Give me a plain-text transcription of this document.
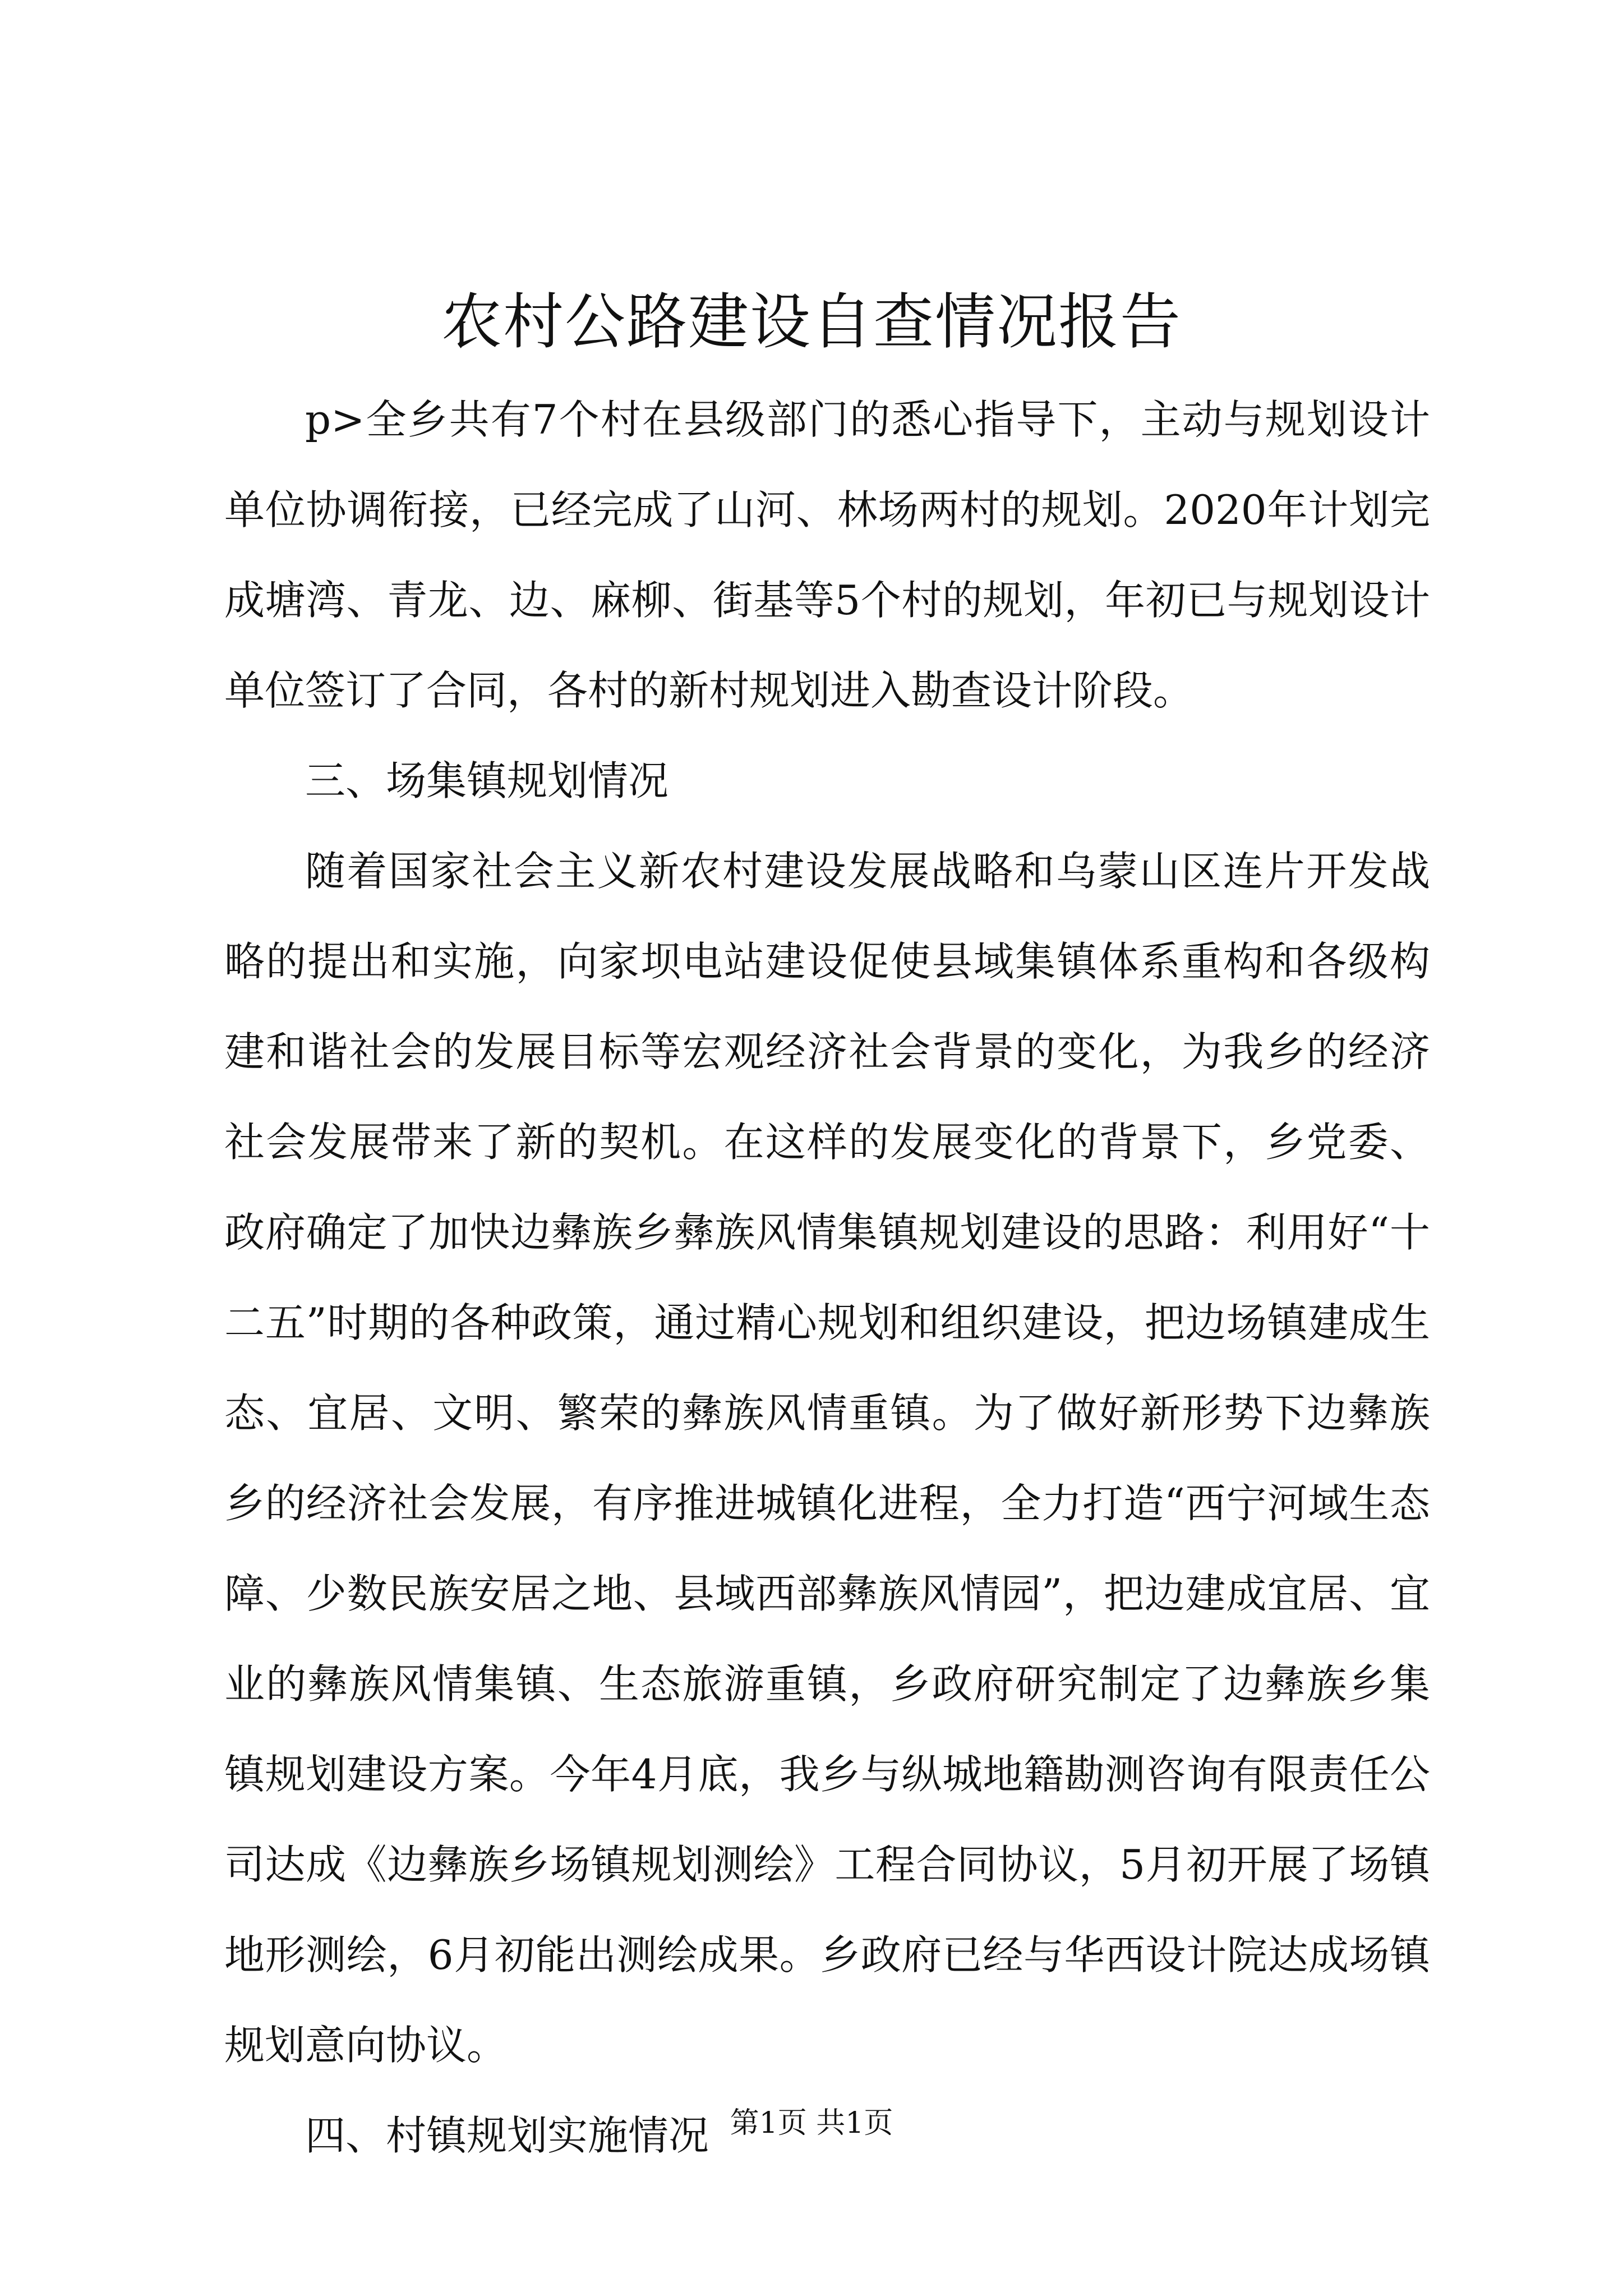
农村公路建设自查情况报告

p>全乡共有7个村在县级部门的悉心指导下，主动与规划设计单位协调衔接，已经完成了山河、林场两村的规划。2020年计划完成塘湾、青龙、边、麻柳、街基等5个村的规划，年初已与规划设计单位签订了合同，各村的新村规划进入勘查设计阶段。

三、场集镇规划情况

随着国家社会主义新农村建设发展战略和乌蒙山区连片开发战略的提出和实施，向家坝电站建设促使县域集镇体系重构和各级构建和谐社会的发展目标等宏观经济社会背景的变化，为我乡的经济社会发展带来了新的契机。在这样的发展变化的背景下，乡党委、政府确定了加快边彝族乡彝族风情集镇规划建设的思路：利用好“十二五”时期的各种政策，通过精心规划和组织建设，把边场镇建成生态、宜居、文明、繁荣的彝族风情重镇。为了做好新形势下边彝族乡的经济社会发展，有序推进城镇化进程，全力打造“西宁河域生态障、少数民族安居之地、县域西部彝族风情园”，把边建成宜居、宜业的彝族风情集镇、生态旅游重镇，乡政府研究制定了边彝族乡集镇规划建设方案。今年4月底，我乡与纵城地籍勘测咨询有限责任公司达成《边彝族乡场镇规划测绘》工程合同协议，5月初开展了场镇地形测绘，6月初能出测绘成果。乡政府已经与华西设计院达成场镇规划意向协议。

四、村镇规划实施情况 第1页 共1页
